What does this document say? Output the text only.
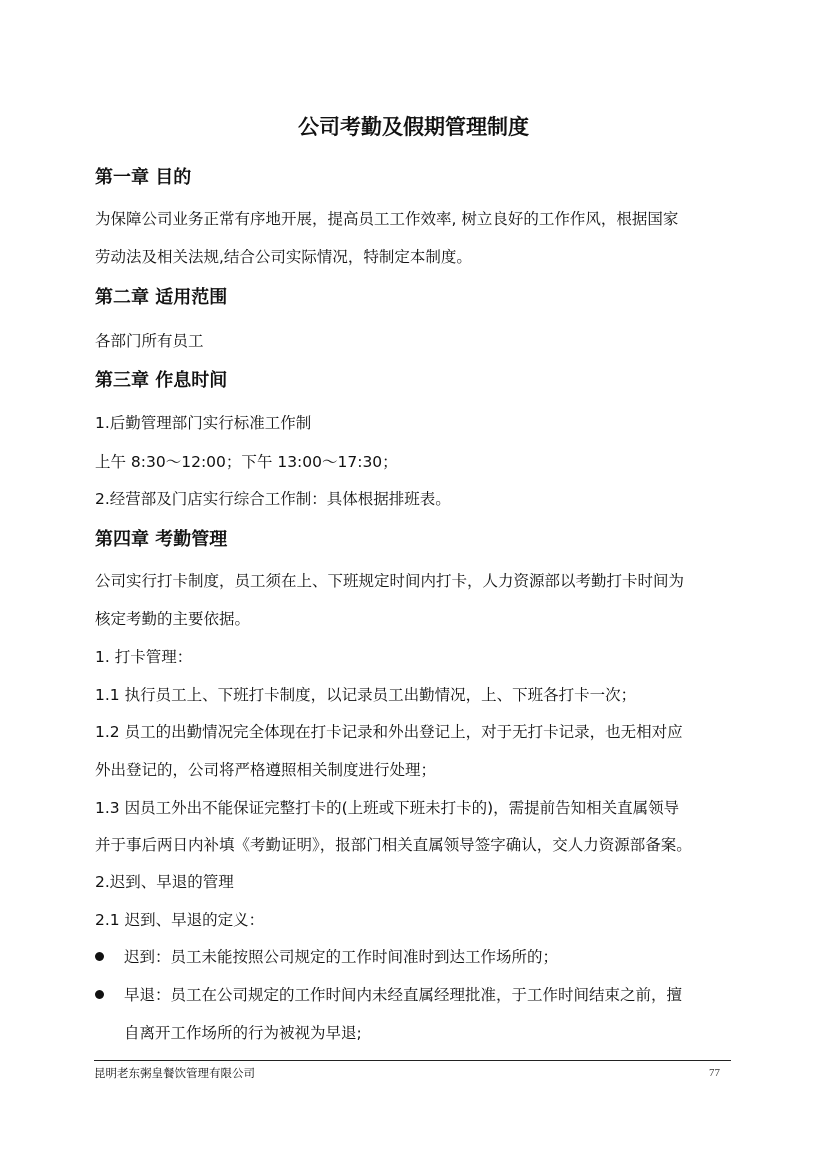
公司考勤及假期管理制度
第一章 目的
为保障公司业务正常有序地开展，提高员工工作效率, 树立良好的工作作风，根据国家
劳动法及相关法规,结合公司实际情况，特制定本制度。
第二章 适用范围
各部门所有员工
第三章 作息时间
1.后勤管理部门实行标准工作制
上午 8:30～12:00；下午 13:00～17:30；
2.经营部及门店实行综合工作制：具体根据排班表。
第四章 考勤管理
公司实行打卡制度，员工须在上、下班规定时间内打卡，人力资源部以考勤打卡时间为
核定考勤的主要依据。
1. 打卡管理：
1.1 执行员工上、下班打卡制度，以记录员工出勤情况，上、下班各打卡一次；
1.2 员工的出勤情况完全体现在打卡记录和外出登记上，对于无打卡记录，也无相对应
外出登记的，公司将严格遵照相关制度进行处理；
1.3 因员工外出不能保证完整打卡的(上班或下班未打卡的)，需提前告知相关直属领导
并于事后两日内补填《考勤证明》，报部门相关直属领导签字确认，交人力资源部备案。
2.迟到、早退的管理
2.1 迟到、早退的定义：
迟到：员工未能按照公司规定的工作时间准时到达工作场所的；
早退：员工在公司规定的工作时间内未经直属经理批准，于工作时间结束之前，擅
自离开工作场所的行为被视为早退;
昆明老东粥皇餐饮管理有限公司	77
